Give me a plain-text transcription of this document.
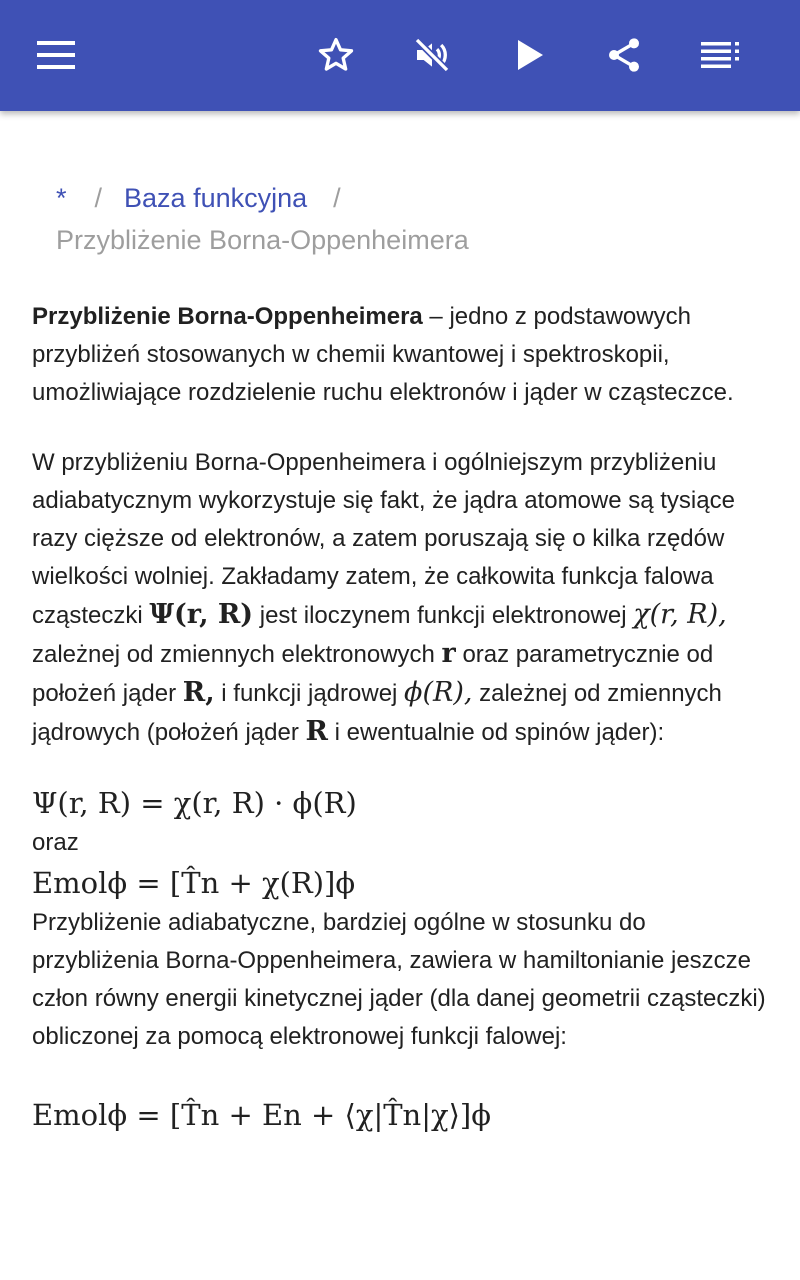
* / Baza funkcyjna /
Przybliżenie Borna-Oppenheimera

Przybliżenie Borna-Oppenheimera – jedno z podstawowych przybliżeń stosowanych w chemii kwantowej i spektroskopii, umożliwiające rozdzielenie ruchu elektronów i jąder w cząsteczce.

W przybliżeniu Borna-Oppenheimera i ogólniejszym przybliżeniu adiabatycznym wykorzystuje się fakt, że jądra atomowe są tysiące razy cięższe od elektronów, a zatem poruszają się o kilka rzędów wielkości wolniej. Zakładamy zatem, że całkowita funkcja falowa cząsteczki Ψ(r, R) jest iloczynem funkcji elektronowej χ(r, R), zależnej od zmiennych elektronowych r oraz parametrycznie od położeń jąder R, i funkcji jądrowej ϕ(R), zależnej od zmiennych jądrowych (położeń jąder R i ewentualnie od spinów jąder):

Ψ(r, R) = χ(r, R) · ϕ(R)

oraz

Emolϕ = [T̂n + χ(R)]ϕ

Przybliżenie adiabatyczne, bardziej ogólne w stosunku do przybliżenia Borna-Oppenheimera, zawiera w hamiltonianie jeszcze człon równy energii kinetycznej jąder (dla danej geometrii cząsteczki) obliczonej za pomocą elektronowej funkcji falowej:

Emolϕ = [T̂n + En + ⟨χ|T̂n|χ⟩]ϕ
